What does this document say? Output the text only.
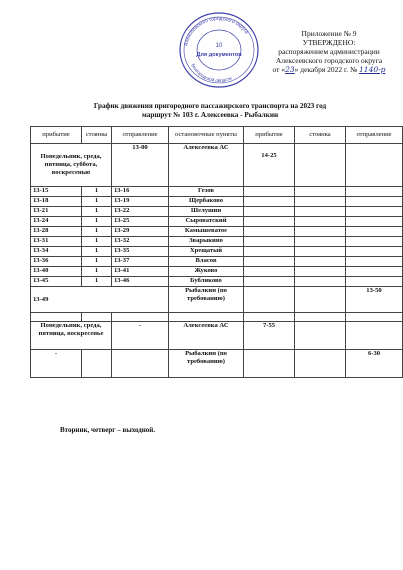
Алексеевского городского округа
Белгородской области
10
Для документов
Приложение № 9
УТВЕРЖДЕНО:
распоряжением администрации
Алексеевского городского округа
от «23» декабря 2022 г. № 1140-р
График движения пригородного пассажирского транспорта на 2023 год
маршрут № 103 г. Алексеевка - Рыбалкин
прибытие	стоянка	отправление	остановочные пункты	прибытие	стоянка	отправление
Понедельник, среда, пятница, суббота, воскресенью		13-00	Алексеевка АС	14-25		
13-15	1	13-16	Гезов			
13-18	1	13-19	Щербаково			
13-21	1	13-22	Шелушин			
13-24	1	13-25	Сыроватский			
13-28	1	13-29	Камышеватое			
13-31	1	13-32	Зварыкино			
13-34	1	13-35	Хрещатый			
13-36	1	13-37	Власов			
13-40	1	13-41	Жуково			
13-45	1	13-46	Бубликово			
13-49			Рыбалкин (по требованию)			13-50

Понедельник, среда, пятница, воскресенье		-	Алексеевка АС	7-55		
-			Рыбалкин (по требованию)			6-30
Вторник, четверг – выходной.
